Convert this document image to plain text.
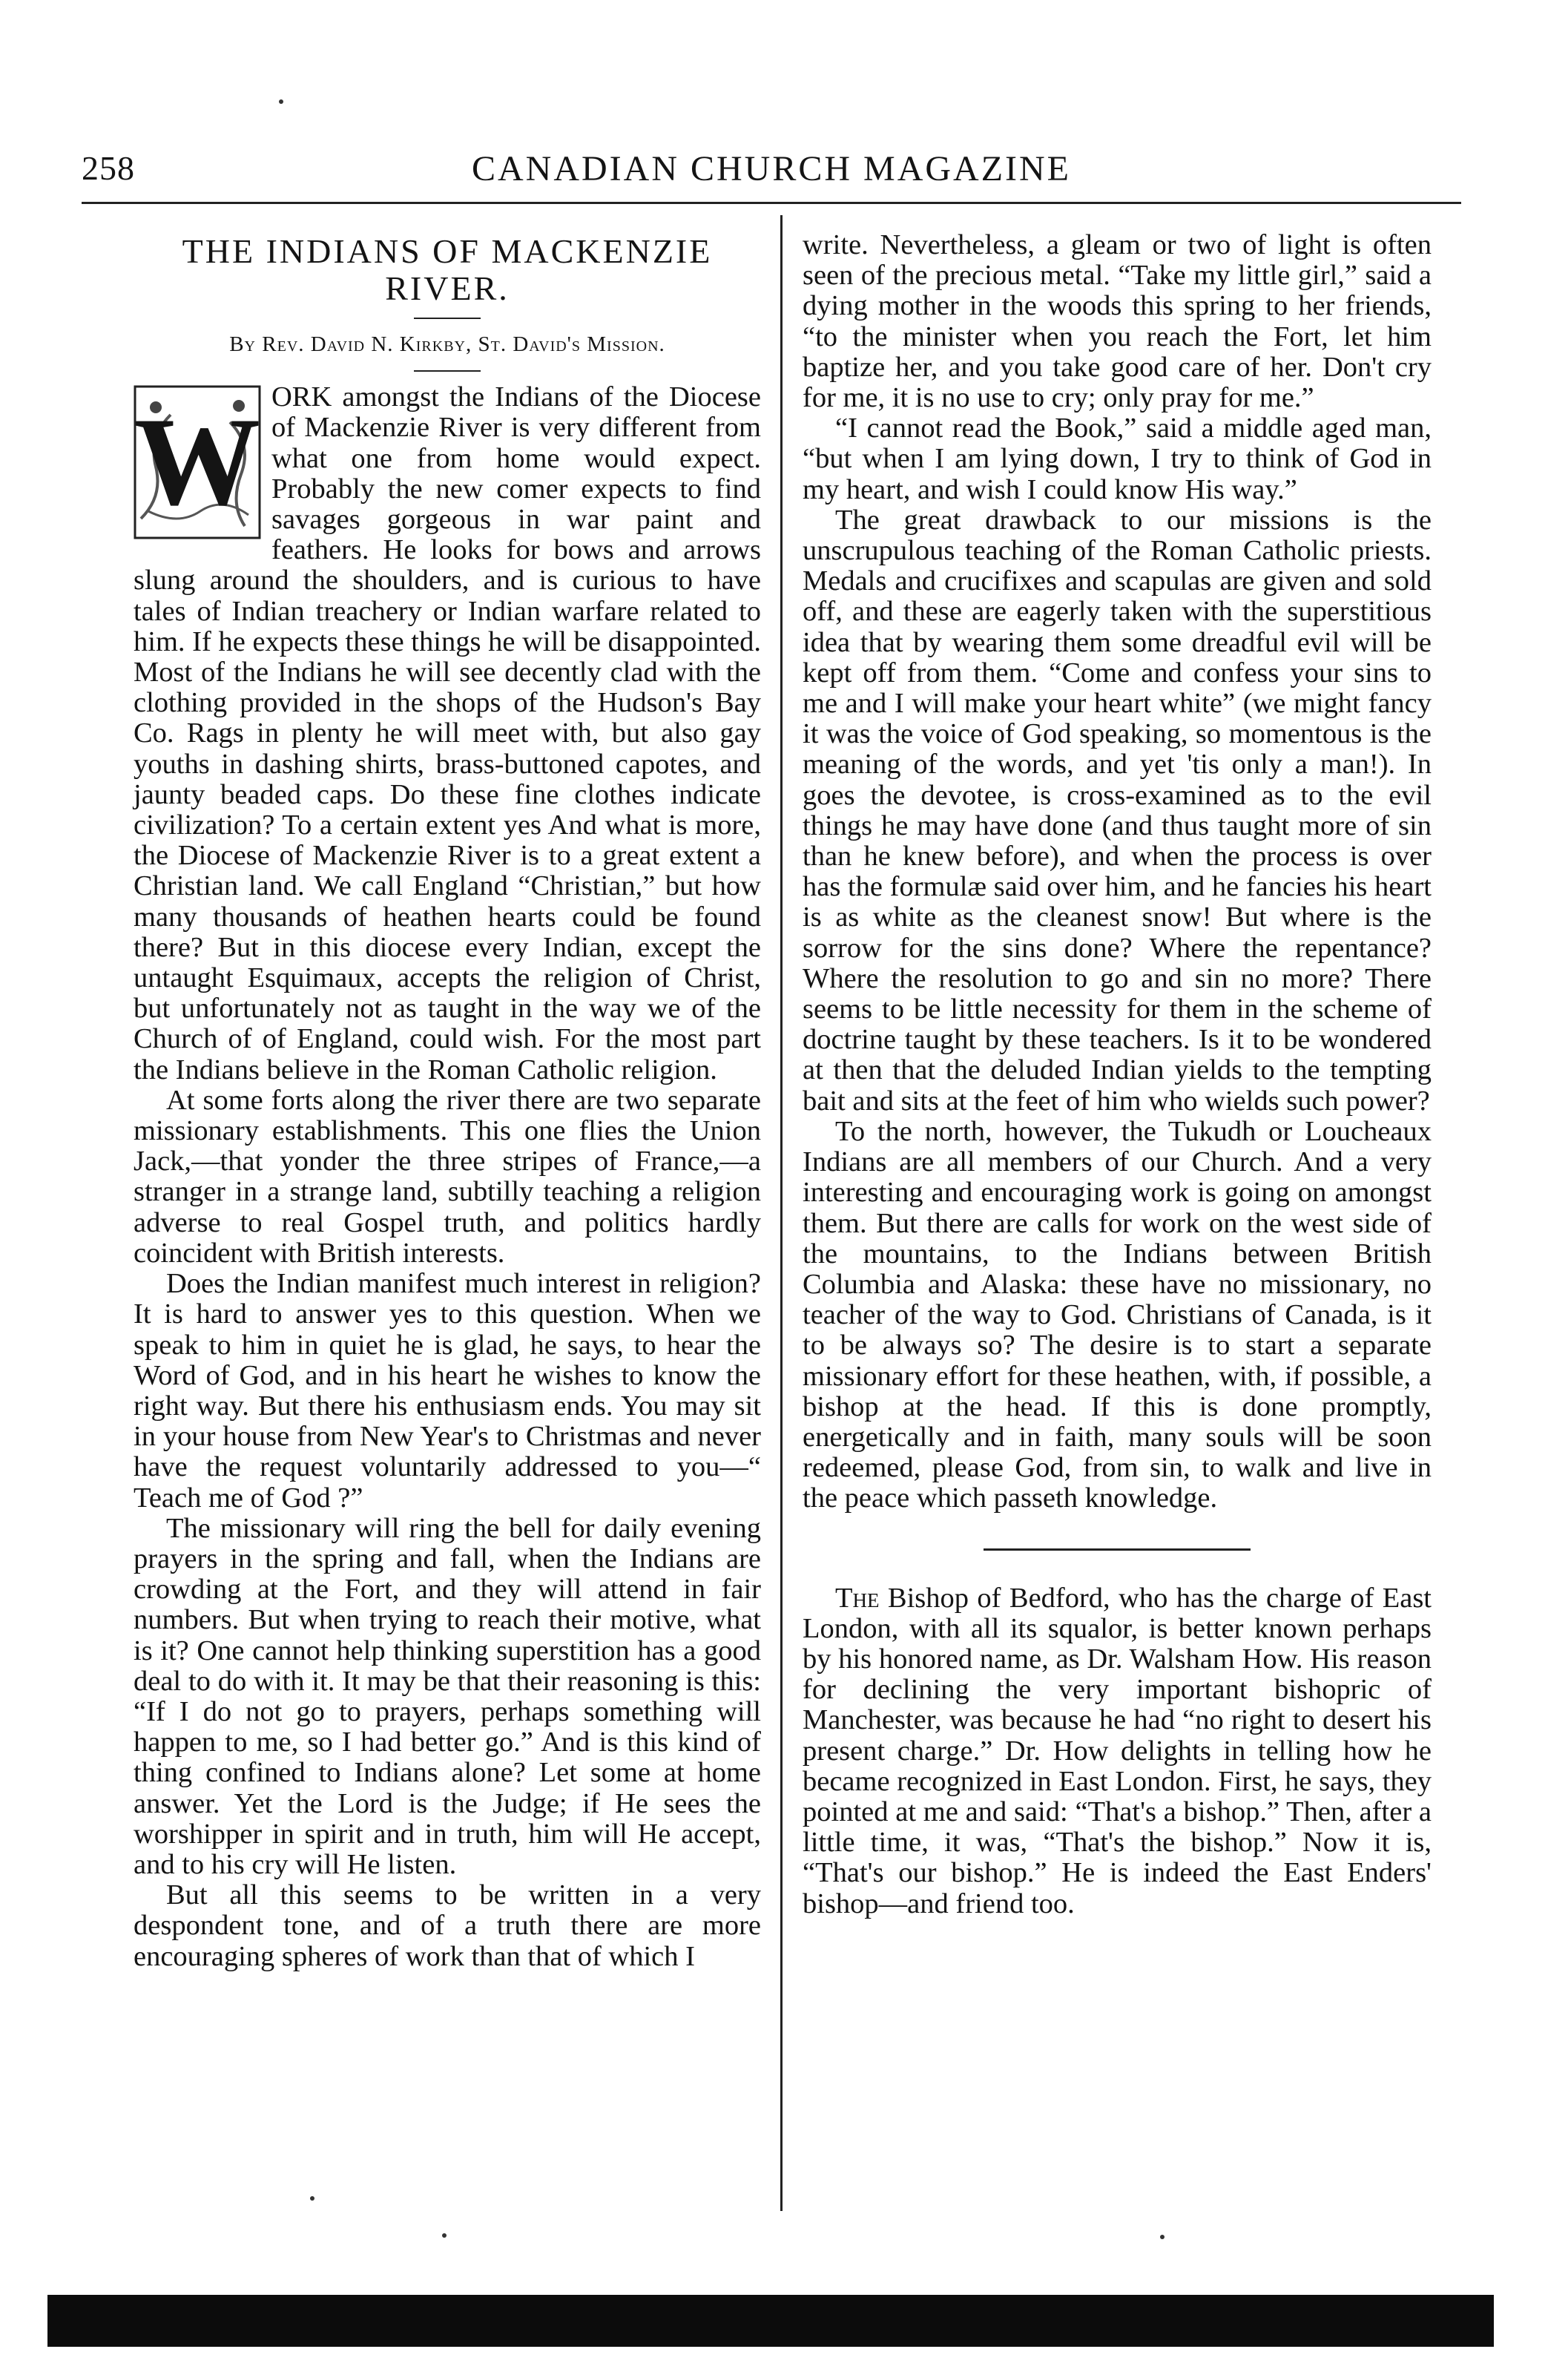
258	CANADIAN CHURCH MAGAZINE
THE INDIANS OF MACKENZIE RIVER.
By Rev. David N. Kirkby, St. David's Mission.
W ORK amongst the Indians of the Diocese of Mackenzie River is very different from what one from home would expect. Probably the new comer expects to find savages gorgeous in war paint and feathers. He looks for bows and arrows slung around the shoulders, and is curious to have tales of Indian treachery or Indian warfare related to him. If he expects these things he will be disappointed. Most of the Indians he will see decently clad with the clothing provided in the shops of the Hudson's Bay Co. Rags in plenty he will meet with, but also gay youths in dashing shirts, brass-buttoned capotes, and jaunty beaded caps. Do these fine clothes indicate civilization? To a certain extent yes And what is more, the Diocese of Mackenzie River is to a great extent a Christian land. We call England “Christian,” but how many thousands of heathen hearts could be found there? But in this diocese every Indian, except the untaught Esquimaux, accepts the religion of Christ, but unfortunately not as taught in the way we of the Church of of England, could wish. For the most part the Indians believe in the Roman Catholic religion.

At some forts along the river there are two separate missionary establishments. This one flies the Union Jack,—that yonder the three stripes of France,—a stranger in a strange land, subtilly teaching a religion adverse to real Gospel truth, and politics hardly coincident with British interests.

Does the Indian manifest much interest in religion? It is hard to answer yes to this question. When we speak to him in quiet he is glad, he says, to hear the Word of God, and in his heart he wishes to know the right way. But there his enthusiasm ends. You may sit in your house from New Year's to Christmas and never have the request voluntarily addressed to you—“ Teach me of God ?”

The missionary will ring the bell for daily evening prayers in the spring and fall, when the Indians are crowding at the Fort, and they will attend in fair numbers. But when trying to reach their motive, what is it? One cannot help thinking superstition has a good deal to do with it. It may be that their reasoning is this: “If I do not go to prayers, perhaps something will happen to me, so I had better go.” And is this kind of thing confined to Indians alone? Let some at home answer. Yet the Lord is the Judge; if He sees the worshipper in spirit and in truth, him will He accept, and to his cry will He listen.

But all this seems to be written in a very despondent tone, and of a truth there are more encouraging spheres of work than that of which I

write. Nevertheless, a gleam or two of light is often seen of the precious metal. “Take my little girl,” said a dying mother in the woods this spring to her friends, “to the minister when you reach the Fort, let him baptize her, and you take good care of her. Don't cry for me, it is no use to cry; only pray for me.”

“I cannot read the Book,” said a middle aged man, “but when I am lying down, I try to think of God in my heart, and wish I could know His way.”

The great drawback to our missions is the unscrupulous teaching of the Roman Catholic priests. Medals and crucifixes and scapulas are given and sold off, and these are eagerly taken with the superstitious idea that by wearing them some dreadful evil will be kept off from them. “Come and confess your sins to me and I will make your heart white” (we might fancy it was the voice of God speaking, so momentous is the meaning of the words, and yet 'tis only a man!). In goes the devotee, is cross-examined as to the evil things he may have done (and thus taught more of sin than he knew before), and when the process is over has the formulæ said over him, and he fancies his heart is as white as the cleanest snow! But where is the sorrow for the sins done? Where the repentance? Where the resolution to go and sin no more? There seems to be little necessity for them in the scheme of doctrine taught by these teachers. Is it to be wondered at then that the deluded Indian yields to the tempting bait and sits at the feet of him who wields such power?

To the north, however, the Tukudh or Loucheaux Indians are all members of our Church. And a very interesting and encouraging work is going on amongst them. But there are calls for work on the west side of the mountains, to the Indians between British Columbia and Alaska: these have no missionary, no teacher of the way to God. Christians of Canada, is it to be always so? The desire is to start a separate missionary effort for these heathen, with, if possible, a bishop at the head. If this is done promptly, energetically and in faith, many souls will be soon redeemed, please God, from sin, to walk and live in the peace which passeth knowledge.

The Bishop of Bedford, who has the charge of East London, with all its squalor, is better known perhaps by his honored name, as Dr. Walsham How. His reason for declining the very important bishopric of Manchester, was because he had “no right to desert his present charge.” Dr. How delights in telling how he became recognized in East London. First, he says, they pointed at me and said: “That's a bishop.” Then, after a little time, it was, “That's the bishop.” Now it is, “That's our bishop.” He is indeed the East Enders' bishop—and friend too.
